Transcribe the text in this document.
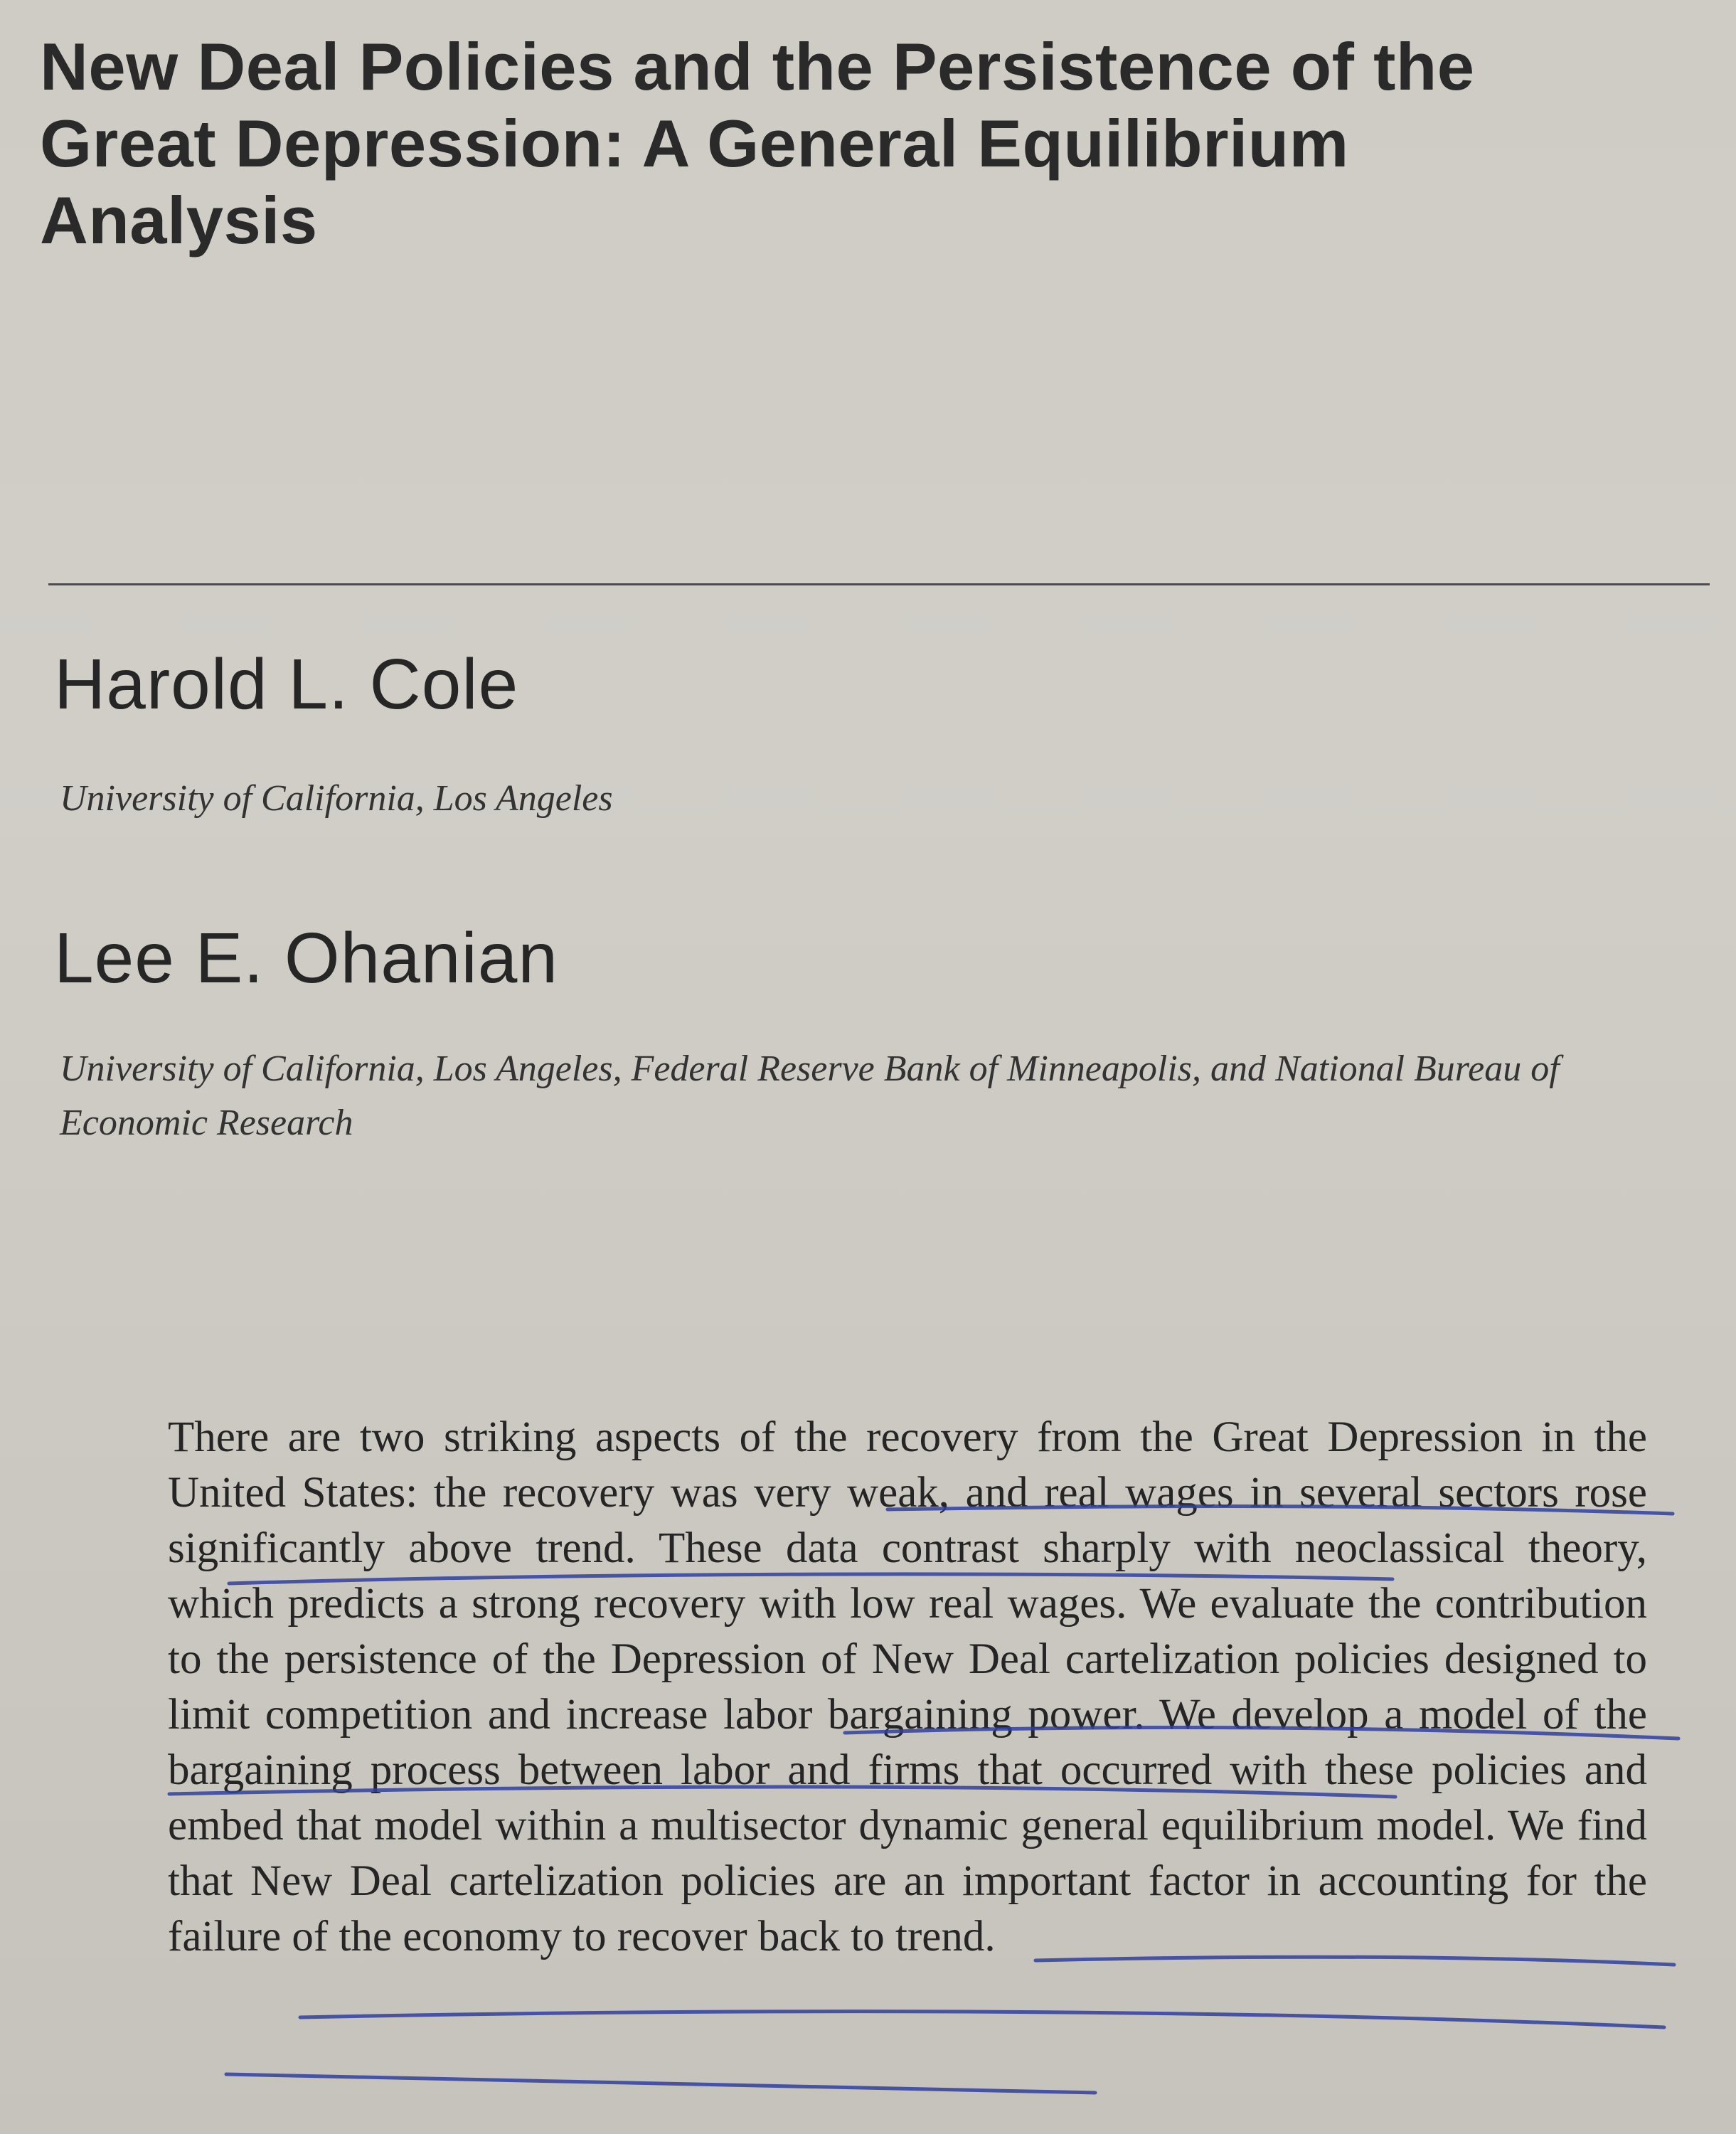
New Deal Policies and the Persistence of the Great Depression: A General Equilibrium Analysis

Harold L. Cole

University of California, Los Angeles

Lee E. Ohanian

University of California, Los Angeles, Federal Reserve Bank of Minneapolis, and National Bureau of Economic Research

There are two striking aspects of the recovery from the Great Depression in the United States: the recovery was very weak, and real wages in several sectors rose significantly above trend. These data contrast sharply with neoclassical theory, which predicts a strong recovery with low real wages. We evaluate the contribution to the persistence of the Depression of New Deal cartelization policies designed to limit competition and increase labor bargaining power. We develop a model of the bargaining process between labor and firms that occurred with these policies and embed that model within a multisector dynamic general equilibrium model. We find that New Deal cartelization policies are an important factor in accounting for the failure of the economy to recover back to trend.
